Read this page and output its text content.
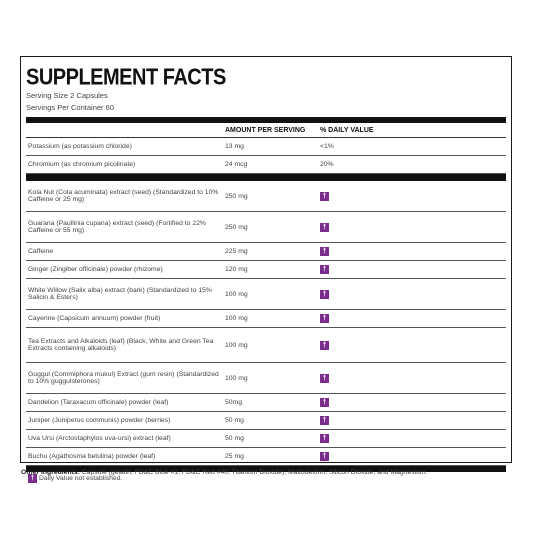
SUPPLEMENT FACTS
Serving Size 2 Capsules
Servings Per Container 60
AMOUNT PER SERVING	% DAILY VALUE
Potassium (as potassium chloride)	13 mg	<1%
Chromium (as chromium picolinate)	24 mcg	20%
Kola Nut (Cola acuminata) extract (seed) (Standardized to 10% Caffeine or 25 mg)	250 mg	†
Guarana (Paullinia cupana) extract (seed) (Fortified to 22% Caffeine or 55 mg)	250 mg	†
Caffeine	225 mg	†
Ginger (Zingiber officinale) powder (rhizome)	120 mg	†
White Willow (Salix alba) extract (bark) (Standardized to 15% Salicin & Esters)	100 mg	†
Cayenne (Capsicum annuum) powder (fruit)	100 mg	†
Tea Extracts and Alkaloids (leaf) (Black, White and Green Tea Extracts containing alkaloids)	100 mg	†
Guggul (Commiphora mukul) Extract (gum resin) (Standardized to 10% guggulsterones)	100 mg	†
Dandelion (Taraxacum officinale) powder (leaf)	50mg	†
Juniper (Juniperus communis) powder (berries)	50 mg	†
Uva Ursi (Arctostaphylos uva-ursi) extract (leaf)	50 mg	†
Buchu (Agathosma betulina) powder (leaf)	25 mg	†
† Daily Value not established.
Other Ingredients: Capsule (gelatin, FD&C Blue #1, FD&C Red #40, Titanium Dioxide), Maltodextrin, Silicon Dioxide, and Magnesium.
